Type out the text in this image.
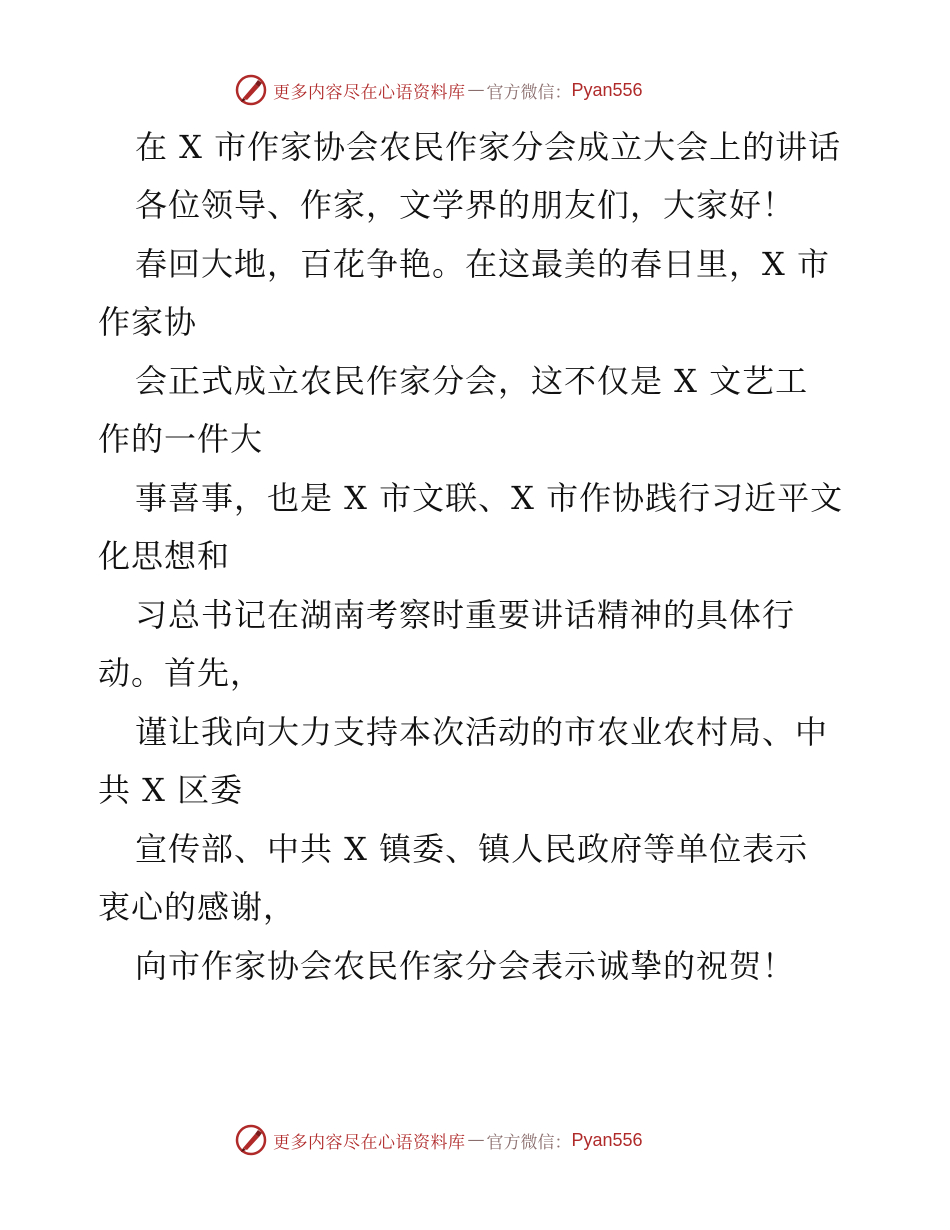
更多内容尽在心语资料库 — 官方微信： Pyan556
在 X 市作家协会农民作家分会成立大会上的讲话
各位领导、作家，文学界的朋友们，大家好！
春回大地，百花争艳。在这最美的春日里，X 市
作家协
会正式成立农民作家分会，这不仅是 X 文艺工
作的一件大
事喜事，也是 X 市文联、X 市作协践行习近平文
化思想和
习总书记在湖南考察时重要讲话精神的具体行
动。首先，
谨让我向大力支持本次活动的市农业农村局、中
共 X 区委
宣传部、中共 X 镇委、镇人民政府等单位表示
衷心的感谢，
向市作家协会农民作家分会表示诚挚的祝贺！
更多内容尽在心语资料库 — 官方微信： Pyan556
